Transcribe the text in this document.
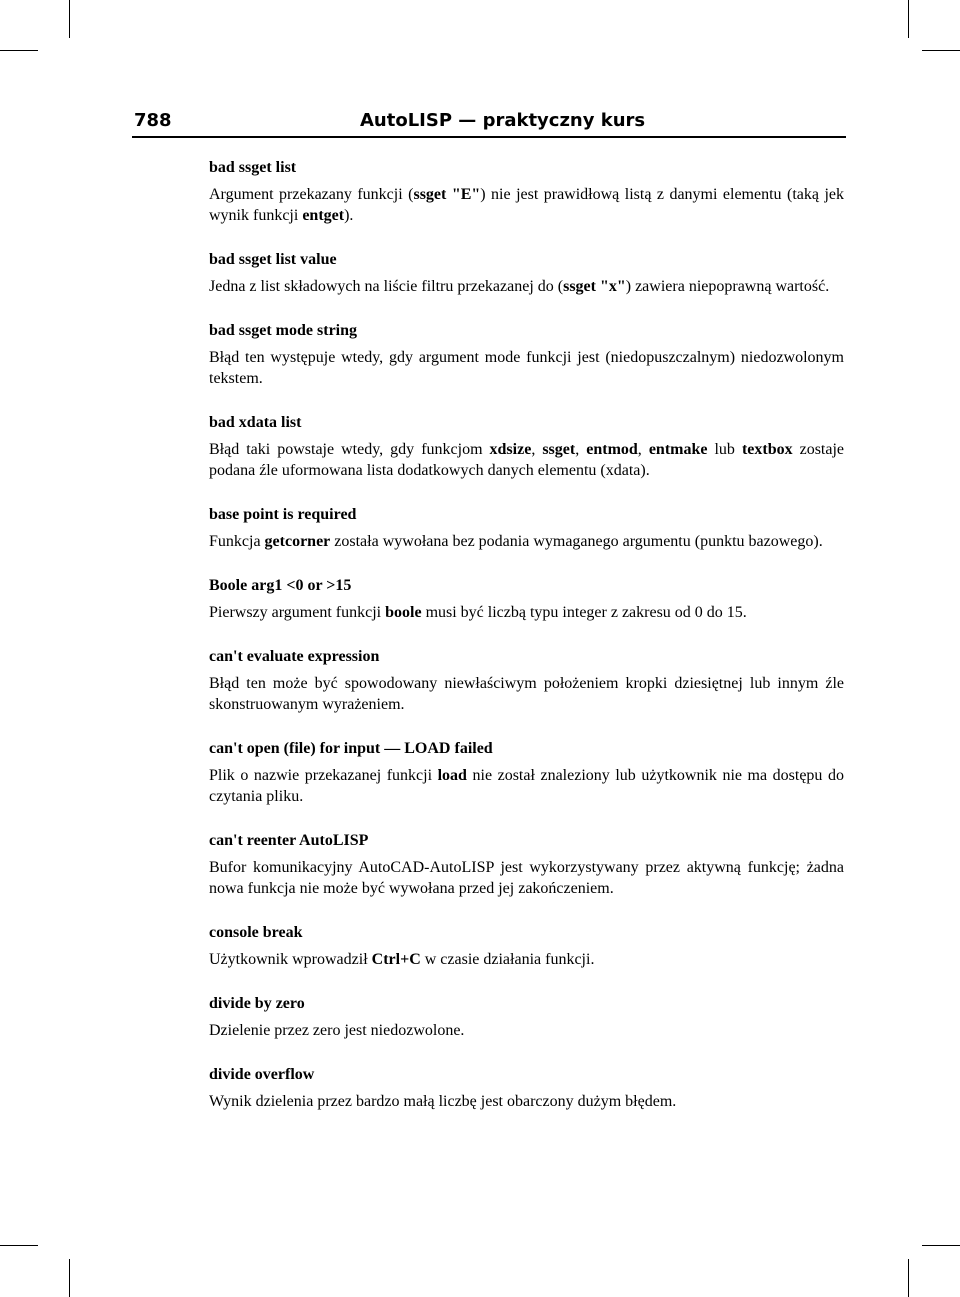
788	AutoLISP — praktyczny kurs
bad ssget list
Argument przekazany funkcji (ssget "E") nie jest prawidłową listą z danymi elementu (taką jek wynik funkcji entget).
bad ssget list value
Jedna z list składowych na liście filtru przekazanej do (ssget "x") zawiera niepoprawną wartość.
bad ssget mode string
Błąd ten występuje wtedy, gdy argument mode funkcji jest (niedopuszczalnym) niedozwolonym tekstem.
bad xdata list
Błąd taki powstaje wtedy, gdy funkcjom xdsize, ssget, entmod, entmake lub textbox zostaje podana źle uformowana lista dodatkowych danych elementu (xdata).
base point is required
Funkcja getcorner została wywołana bez podania wymaganego argumentu (punktu bazowego).
Boole arg1 <0 or >15
Pierwszy argument funkcji boole musi być liczbą typu integer z zakresu od 0 do 15.
can't evaluate expression
Błąd ten może być spowodowany niewłaściwym położeniem kropki dziesiętnej lub innym źle skonstruowanym wyrażeniem.
can't open (file) for input — LOAD failed
Plik o nazwie przekazanej funkcji load nie został znaleziony lub użytkownik nie ma dostępu do czytania pliku.
can't reenter AutoLISP
Bufor komunikacyjny AutoCAD-AutoLISP jest wykorzystywany przez aktywną funkcję; żadna nowa funkcja nie może być wywołana przed jej zakończeniem.
console break
Użytkownik wprowadził Ctrl+C w czasie działania funkcji.
divide by zero
Dzielenie przez zero jest niedozwolone.
divide overflow
Wynik dzielenia przez bardzo małą liczbę jest obarczony dużym błędem.
